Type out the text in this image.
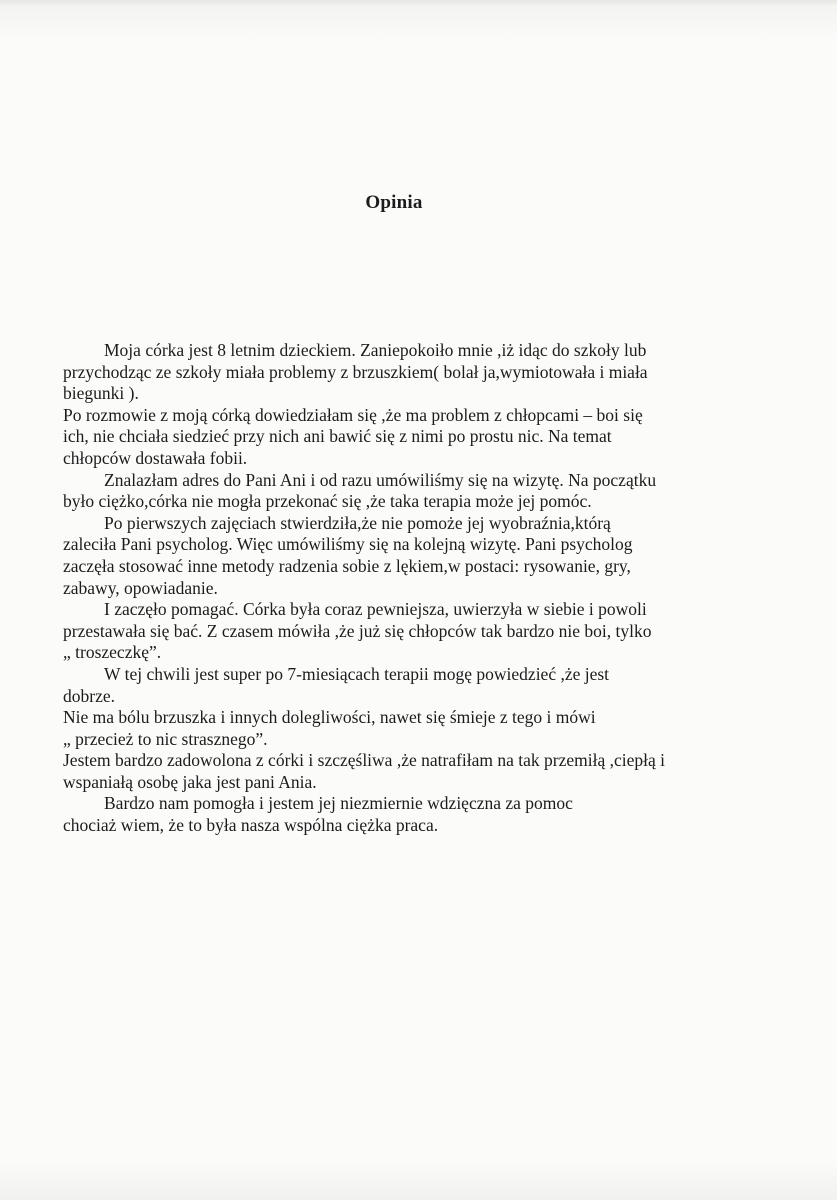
Opinia

Moja córka jest 8 letnim dzieckiem. Zaniepokoiło mnie ,iż idąc do szkoły lub
przychodząc ze szkoły miała problemy z brzuszkiem( bolał ja,wymiotowała i miała
biegunki ).

Po rozmowie z moją córką dowiedziałam się ,że ma problem z chłopcami – boi się
ich, nie chciała siedzieć przy nich ani bawić się z nimi po prostu nic. Na temat
chłopców dostawała fobii.

Znalazłam adres do Pani Ani i od razu umówiliśmy się na wizytę. Na początku
było ciężko,córka nie mogła przekonać się ,że taka terapia może jej pomóc.

Po pierwszych zajęciach stwierdziła,że nie pomoże jej wyobraźnia,którą
zaleciła Pani psycholog. Więc umówiliśmy się na kolejną wizytę. Pani psycholog
zaczęła stosować inne metody radzenia sobie z lękiem,w postaci: rysowanie, gry,
zabawy, opowiadanie.

I zaczęło pomagać. Córka była coraz pewniejsza, uwierzyła w siebie i powoli
przestawała się bać. Z czasem mówiła ,że już się chłopców tak bardzo nie boi, tylko
„ troszeczkę”.

W tej chwili jest super po 7-miesiącach terapii mogę powiedzieć ,że jest
dobrze.

Nie ma bólu brzuszka i innych dolegliwości, nawet się śmieje z tego i mówi
„ przecież to nic strasznego”.

Jestem bardzo zadowolona z córki i szczęśliwa ,że natrafiłam na tak przemiłą ,ciepłą i
wspaniałą osobę jaka jest pani Ania.

Bardzo nam pomogła i jestem jej niezmiernie wdzięczna za pomoc
chociaż wiem, że to była nasza wspólna ciężka praca.
